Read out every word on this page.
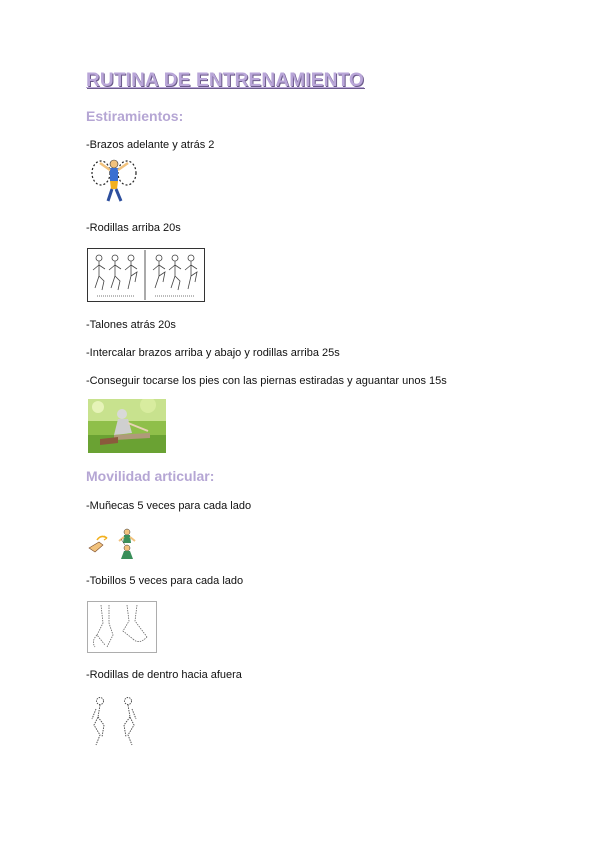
RUTINA DE ENTRENAMIENTO
Estiramientos:
-Brazos adelante y atrás 2
-Rodillas arriba 20s
-Talones atrás 20s
-Intercalar brazos arriba y abajo y rodillas arriba 25s
-Conseguir tocarse los pies con las piernas estiradas y aguantar unos 15s
Movilidad articular:
-Muñecas 5 veces para cada lado
-Tobillos 5 veces para cada lado
-Rodillas de dentro hacia afuera
